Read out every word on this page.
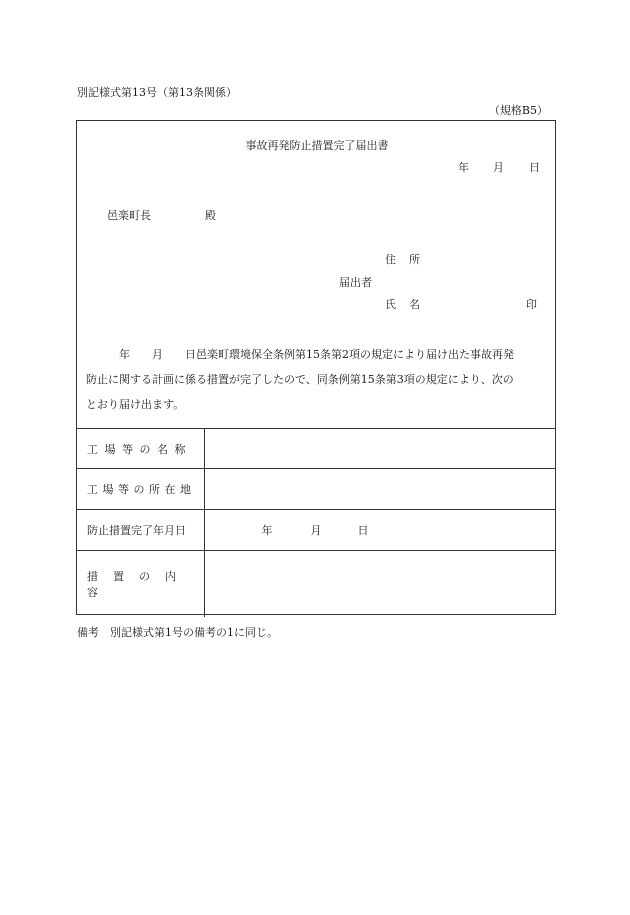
別記様式第13号（第13条関係）
（規格B5）
事故再発防止措置完了届出書
年 月 日
邑楽町長	殿
住所
届出者
氏名	印
　　　年　　月　　日邑楽町環境保全条例第15条第2項の規定により届け出た事故再発
防止に関する計画に係る措置が完了したので、同条例第15条第3項の規定により、次の
とおり届け出ます。
工場等の名称	
工場等の所在地	
防止措置完了年月日	年 月 日

措置の内容	
備考　別記様式第1号の備考の1に同じ。
